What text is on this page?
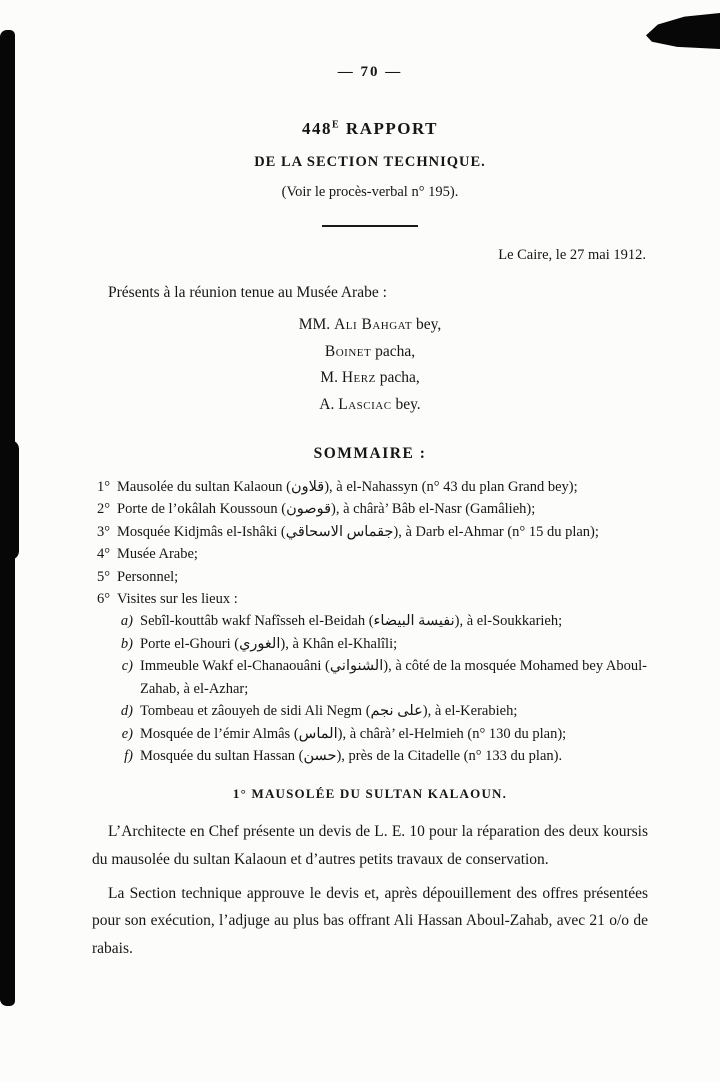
— 70 —
$448^E$ RAPPORT
DE LA SECTION TECHNIQUE.
(Voir le procès-verbal n° 195).
Le Caire, le 27 mai 1912.
Présents à la réunion tenue au Musée Arabe :
MM. Ali Bahgat bey,
Boinet pacha,
M. Herz pacha,
A. Lasciac bey.
SOMMAIRE :
1° Mausolée du sultan Kalaoun (قلاون), à el-Nahassyn (n° 43 du plan Grand bey);
2° Porte de l’okâlah Koussoun (قوصون), à chârà’ Bâb el-Nasr (Gamâlieh);
3° Mosquée Kidjmâs el-Ishâki (جقماس الاسحاقي), à Darb el-Ahmar (n° 15 du plan);
4° Musée Arabe;
5° Personnel;
6° Visites sur les lieux :
a) Sebîl-kouttâb wakf Nafîsseh el-Beidah (نفيسة البيضاء), à el-Soukkarieh;
b) Porte el-Ghouri (الغوري), à Khân el-Khalîli;
c) Immeuble Wakf el-Chanaouâni (الشنواني), à côté de la mosquée Mohamed bey Aboul-Zahab, à el-Azhar;
d) Tombeau et zâouyeh de sidi Ali Negm (على نجم), à el-Kerabieh;
e) Mosquée de l’émir Almâs (الماس), à chârà’ el-Helmieh (n° 130 du plan);
f) Mosquée du sultan Hassan (حسن), près de la Citadelle (n° 133 du plan).
1° MAUSOLÉE DU SULTAN KALAOUN.

L’Architecte en Chef présente un devis de L. E. 10 pour la réparation des deux koursis du mausolée du sultan Kalaoun et d’autres petits travaux de conservation.

La Section technique approuve le devis et, après dépouillement des offres présentées pour son exécution, l’adjuge au plus bas offrant Ali Hassan Aboul-Zahab, avec 21 o/o de rabais.
